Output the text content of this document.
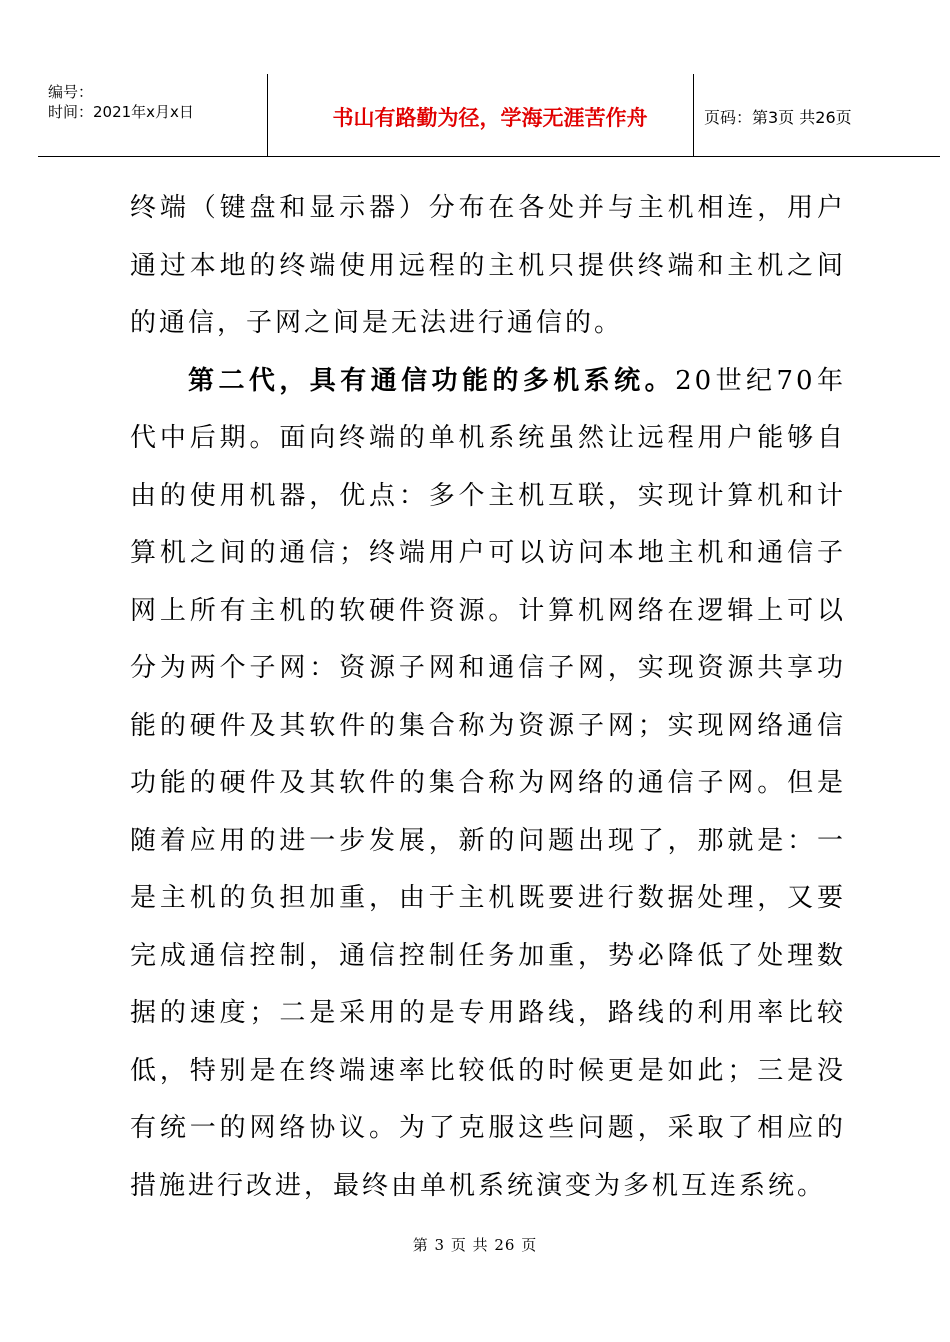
编号：
时间：2021年x月x日	书山有路勤为径，学海无涯苦作舟	页码：第3页 共26页

终端（键盘和显示器）分布在各处并与主机相连，用户通过本地的终端使用远程的主机只提供终端和主机之间的通信，子网之间是无法进行通信的。

第二代，具有通信功能的多机系统。20世纪70年代中后期。面向终端的单机系统虽然让远程用户能够自由的使用机器，优点：多个主机互联，实现计算机和计算机之间的通信；终端用户可以访问本地主机和通信子网上所有主机的软硬件资源。计算机网络在逻辑上可以分为两个子网：资源子网和通信子网，实现资源共享功能的硬件及其软件的集合称为资源子网；实现网络通信功能的硬件及其软件的集合称为网络的通信子网。但是随着应用的进一步发展，新的问题出现了，那就是：一是主机的负担加重，由于主机既要进行数据处理，又要完成通信控制，通信控制任务加重，势必降低了处理数据的速度；二是采用的是专用路线，路线的利用率比较低，特别是在终端速率比较低的时候更是如此；三是没有统一的网络协议。为了克服这些问题，采取了相应的措施进行改进，最终由单机系统演变为多机互连系统。

第 3 页 共 26 页
